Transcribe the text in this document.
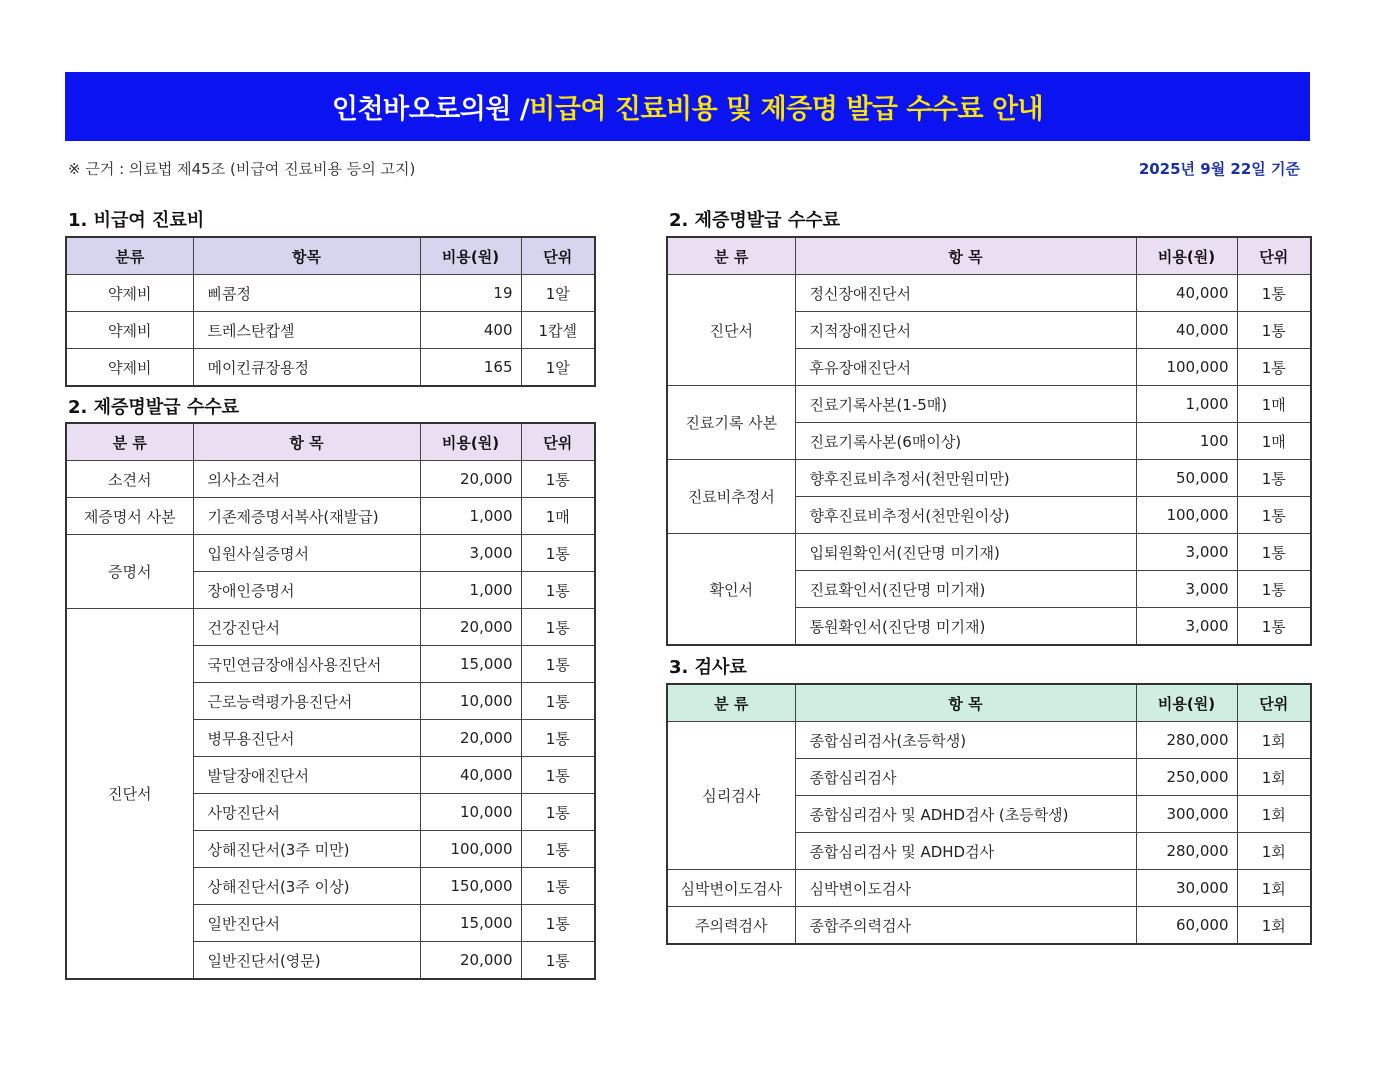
인천바오로의원 / 비급여 진료비용 및 제증명 발급 수수료 안내
※ 근거 : 의료법 제45조 (비급여 진료비용 등의 고지)	2025년 9월 22일 기준
1. 비급여 진료비
분류	항목	비용(원)	단위
약제비	삐콤정	19	1알
약제비	트레스탄캅셀	400	1캅셀
약제비	메이킨큐장용정	165	1알
2. 제증명발급 수수료
분 류	항 목	비용(원)	단위
소견서	의사소견서	20,000	1통
제증명서 사본	기존제증명서복사(재발급)	1,000	1매
증명서	입원사실증명서	3,000	1통
	장애인증명서	1,000	1통
진단서	건강진단서	20,000	1통
	국민연금장애심사용진단서	15,000	1통
	근로능력평가용진단서	10,000	1통
	병무용진단서	20,000	1통
	발달장애진단서	40,000	1통
	사망진단서	10,000	1통
	상해진단서(3주 미만)	100,000	1통
	상해진단서(3주 이상)	150,000	1통
	일반진단서	15,000	1통
	일반진단서(영문)	20,000	1통
2. 제증명발급 수수료
분 류	항 목	비용(원)	단위
진단서	정신장애진단서	40,000	1통
	지적장애진단서	40,000	1통
	후유장애진단서	100,000	1통
진료기록 사본	진료기록사본(1-5매)	1,000	1매
	진료기록사본(6매이상)	100	1매
진료비추정서	향후진료비추정서(천만원미만)	50,000	1통
	향후진료비추정서(천만원이상)	100,000	1통
확인서	입퇴원확인서(진단명 미기재)	3,000	1통
	진료확인서(진단명 미기재)	3,000	1통
	통원확인서(진단명 미기재)	3,000	1통
3. 검사료
분 류	항 목	비용(원)	단위
심리검사	종합심리검사(초등학생)	280,000	1회
	종합심리검사	250,000	1회
	종합심리검사 및 ADHD검사 (초등학생)	300,000	1회
	종합심리검사 및 ADHD검사	280,000	1회
심박변이도검사	심박변이도검사	30,000	1회
주의력검사	종합주의력검사	60,000	1회
